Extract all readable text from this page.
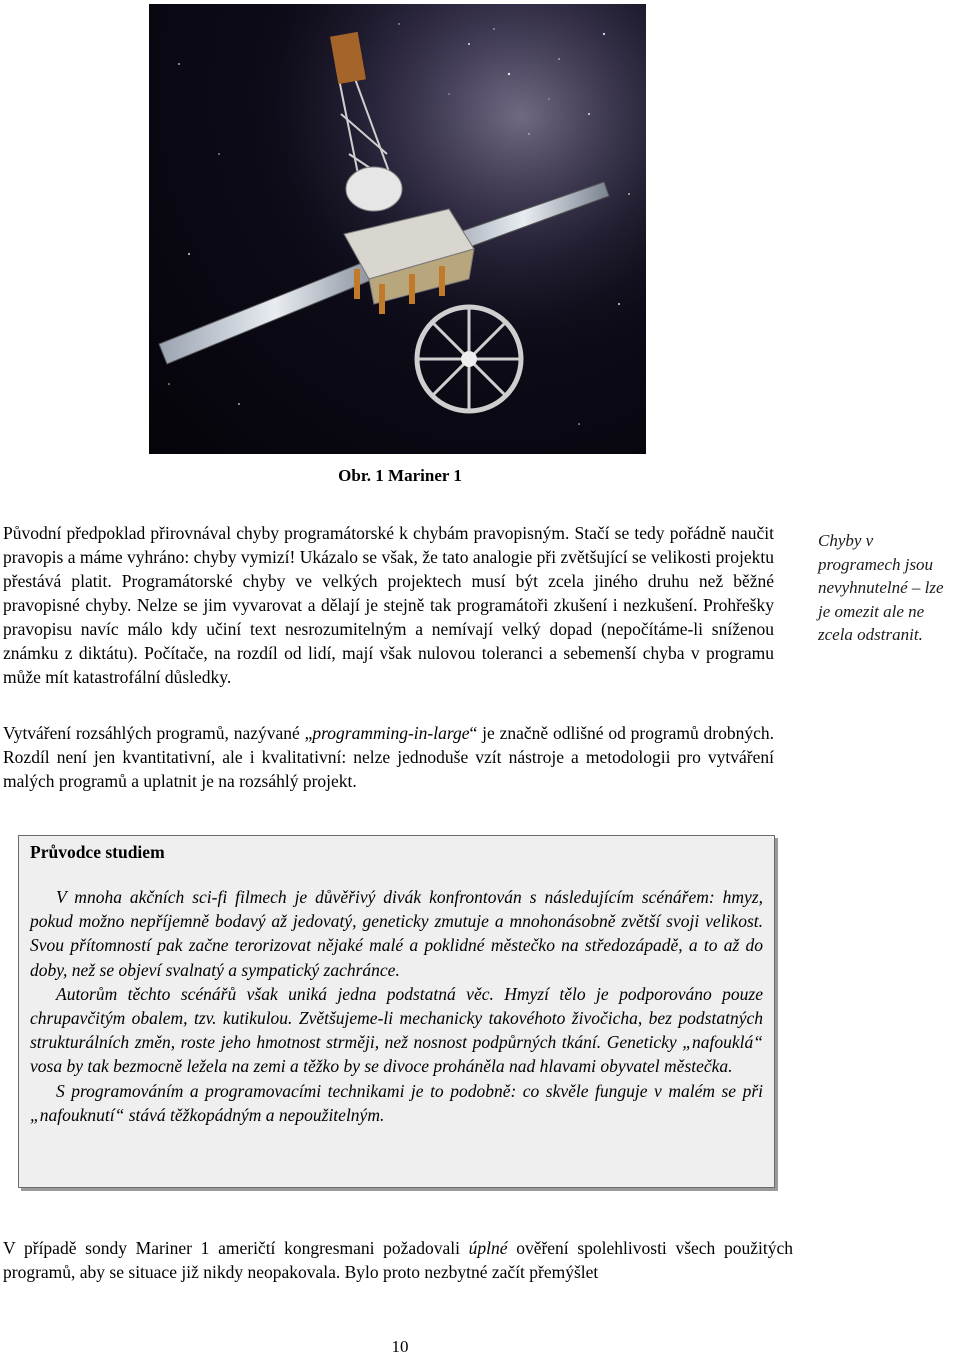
Obr. 1 Mariner 1

Původní předpoklad přirovnával chyby programátorské k chybám pravopisným. Stačí se tedy pořádně naučit pravopis a máme vyhráno: chyby vymizí! Ukázalo se však, že tato analogie při zvětšující se velikosti projektu přestává platit. Programátorské chyby ve velkých projektech musí být zcela jiného druhu než běžné pravopisné chyby. Nelze se jim vyvarovat a dělají je stejně tak programátoři zkušení i nezkušení. Prohřešky pravopisu navíc málo kdy učiní text nesrozumitelným a nemívají velký dopad (nepočítáme-li sníženou známku z diktátu). Počítače, na rozdíl od lidí, mají však nulovou toleranci a sebemenší chyba v programu může mít katastrofální důsledky.

Vytváření rozsáhlých programů, nazývané „programming-in-large“ je značně odlišné od programů drobných. Rozdíl není jen kvantitativní, ale i kvalitativní: nelze jednoduše vzít nástroje a metodologii pro vytváření malých programů a uplatnit je na rozsáhlý projekt.

Chyby v programech jsou nevyhnutelné – lze je omezit ale ne zcela odstranit.
Průvodce studiem

V mnoha akčních sci-fi filmech je důvěřivý divák konfrontován s následujícím scénářem: hmyz, pokud možno nepříjemně bodavý až jedovatý, geneticky zmutuje a mnohonásobně zvětší svoji velikost. Svou přítomností pak začne terorizovat nějaké malé a poklidné městečko na středozápadě, a to až do doby, než se objeví svalnatý a sympatický zachránce.

Autorům těchto scénářů však uniká jedna podstatná věc. Hmyzí tělo je podporováno pouze chrupavčitým obalem, tzv. kutikulou. Zvětšujeme-li mechanicky takovéhoto živočicha, bez podstatných strukturálních změn, roste jeho hmotnost strměji, než nosnost podpůrných tkání. Geneticky „nafouklá“ vosa by tak bezmocně ležela na zemi a těžko by se divoce proháněla nad hlavami obyvatel městečka.

S programováním a programovacími technikami je to podobně: co skvěle funguje v malém se při „nafouknutí“ stává těžkopádným a nepoužitelným.

V případě sondy Mariner 1 američtí kongresmani požadovali úplné ověření spolehlivosti všech použitých programů, aby se situace již nikdy neopakovala. Bylo proto nezbytné začít přemýšlet

10
